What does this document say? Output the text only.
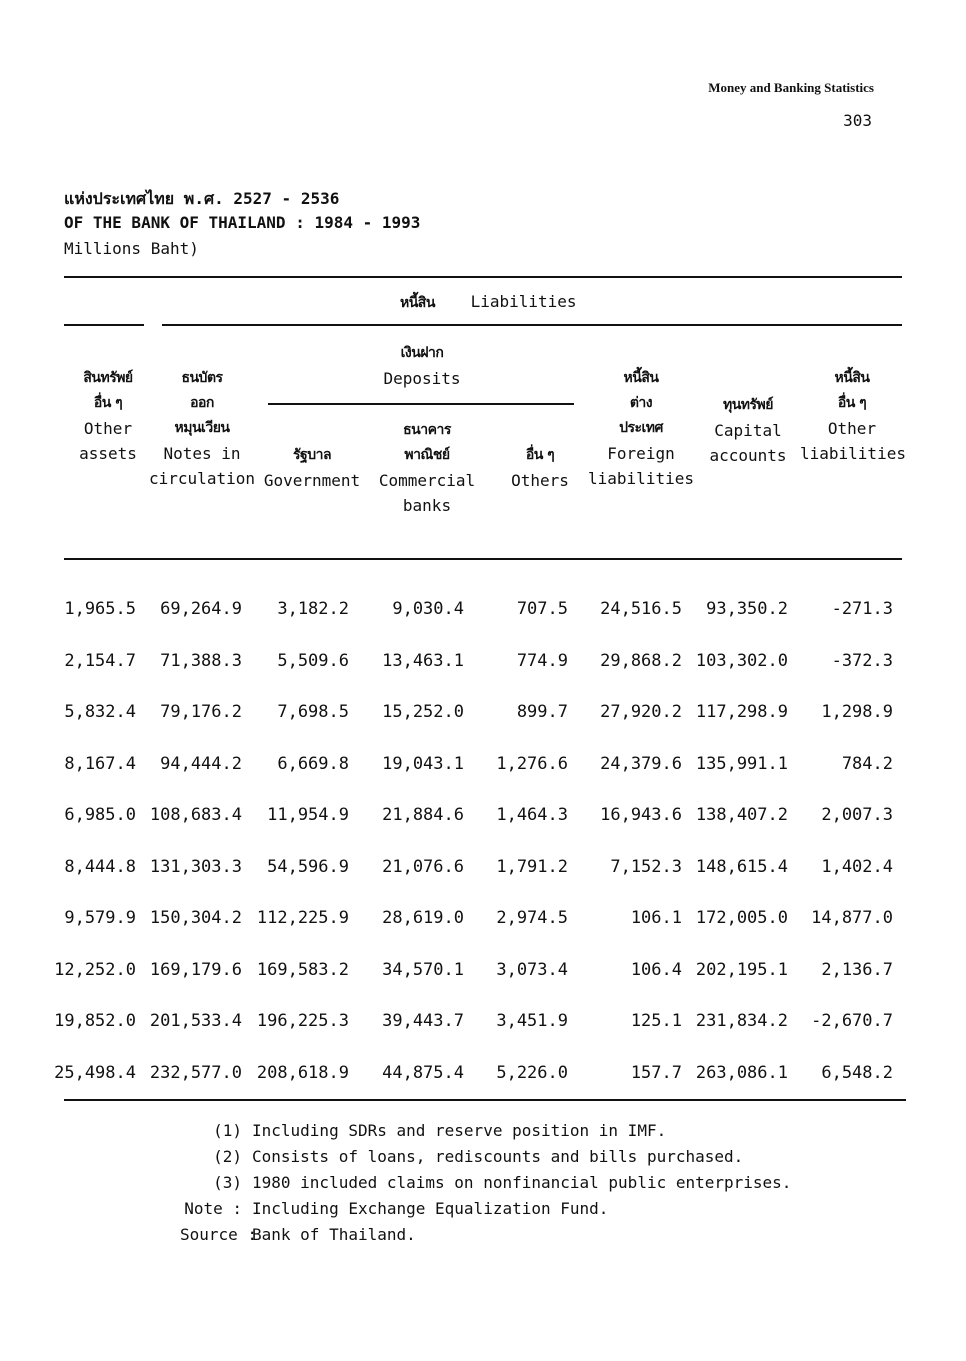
Money and Banking Statistics
303
แห่งประเทศไทย พ.ศ. 2527 - 2536
OF THE BANK OF THAILAND : 1984 - 1993
Millions Baht)
หนี้สิน Liabilities
เงินฝาก
Deposits
สินทรัพย์
อื่น ๆ
Other
assets
ธนบัตร
ออก
หมุนเวียน
Notes in
circulation
รัฐบาล
Government
ธนาคาร
พาณิชย์
Commercial
banks
อื่น ๆ
Others
หนี้สิน
ต่าง
ประเทศ
Foreign
liabilities
ทุนทรัพย์
Capital
accounts
หนี้สิน
อื่น ๆ
Other
liabilities
1,965.5 69,264.9 3,182.2	9,030.4	707.5 24,516.5 93,350.2	-271.3
2,154.7 71,388.3 5,509.6 13,463.1	774.9 29,868.2 103,302.0	-372.3
5,832.4 79,176.2 7,698.5 15,252.0	899.7 27,920.2 117,298.9 1,298.9
8,167.4 94,444.2 6,669.8 19,043.1 1,276.6 24,379.6 135,991.1	784.2
6,985.0 108,683.4 11,954.9 21,884.6 1,464.3 16,943.6 138,407.2 2,007.3
8,444.8 131,303.3 54,596.9 21,076.6 1,791.2 7,152.3 148,615.4 1,402.4
9,579.9 150,304.2 112,225.9 28,619.0 2,974.5	106.1 172,005.0 14,877.0
12,252.0 169,179.6 169,583.2 34,570.1 3,073.4	106.4 202,195.1 2,136.7
19,852.0 201,533.4 196,225.3 39,443.7 3,451.9	125.1 231,834.2 -2,670.7
25,498.4 232,577.0 208,618.9 44,875.4 5,226.0	157.7 263,086.1 6,548.2
(1) Including SDRs and reserve position in IMF.
(2) Consists of loans, rediscounts and bills purchased.
(3) 1980 included claims on nonfinancial public enterprises.
Note : Including Exchange Equalization Fund.
Source :
Bank of Thailand.
